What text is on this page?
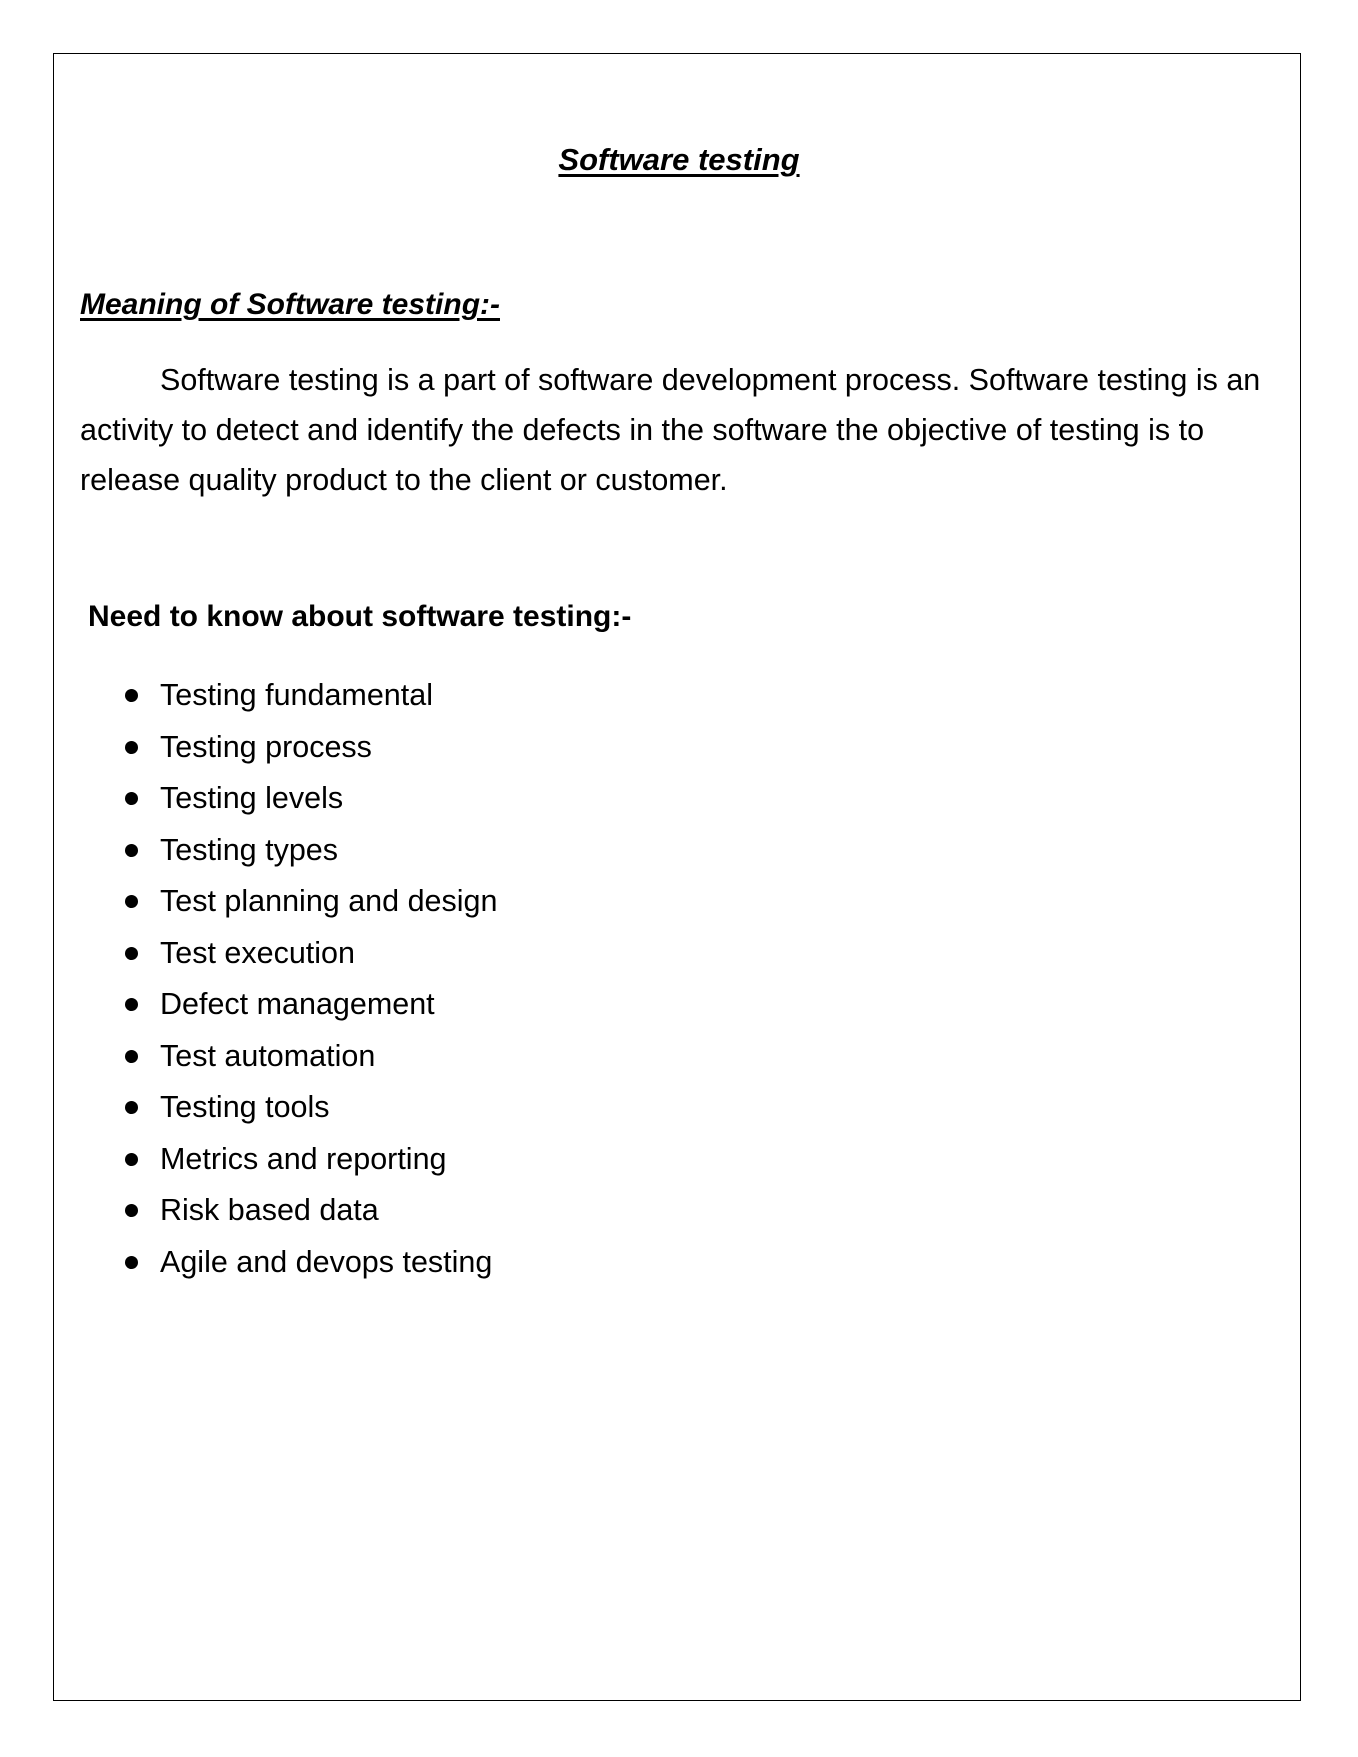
Software testing
Meaning of Software testing:-

Software testing is a part of software development process. Software testing is an activity to detect and identify the defects in the software the objective of testing is to release quality product to the client or customer.

Need to know about software testing:-
Testing fundamental
Testing process
Testing levels
Testing types
Test planning and design
Test execution
Defect management
Test automation
Testing tools
Metrics and reporting
Risk based data
Agile and devops testing
